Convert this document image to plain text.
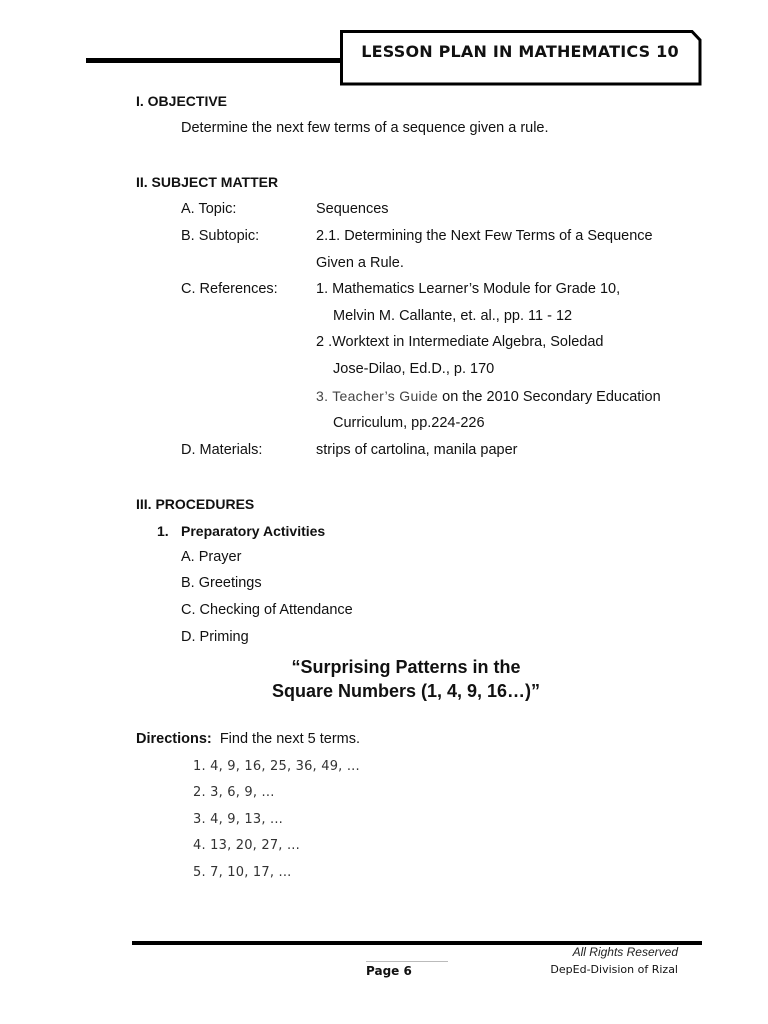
LESSON PLAN IN MATHEMATICS 10
I. OBJECTIVE
Determine the next few terms of a sequence given a rule.
II. SUBJECT MATTER
A. Topic:	Sequences
B. Subtopic:	2.1. Determining the Next Few Terms of a Sequence
Given a Rule.
C. References:	1. Mathematics Learner’s Module for Grade 10,
Melvin M. Callante, et. al., pp. 11 - 12
2 .Worktext in Intermediate Algebra, Soledad
Jose-Dilao, Ed.D., p. 170
3. Teacher’s Guide on the 2010 Secondary Education
Curriculum, pp.224-226
D. Materials:	strips of cartolina, manila paper
III. PROCEDURES
1. Preparatory Activities
A. Prayer
B. Greetings
C. Checking of Attendance
D. Priming
“Surprising Patterns in the
Square Numbers (1, 4, 9, 16…)”
Directions: Find the next 5 terms.
1. 4, 9, 16, 25, 36, 49, ...
2. 3, 6, 9, ...
3. 4, 9, 13, ...
4. 13, 20, 27, ...
5. 7, 10, 17, ...
All Rights Reserved
Page 6	DepEd-Division of Rizal
